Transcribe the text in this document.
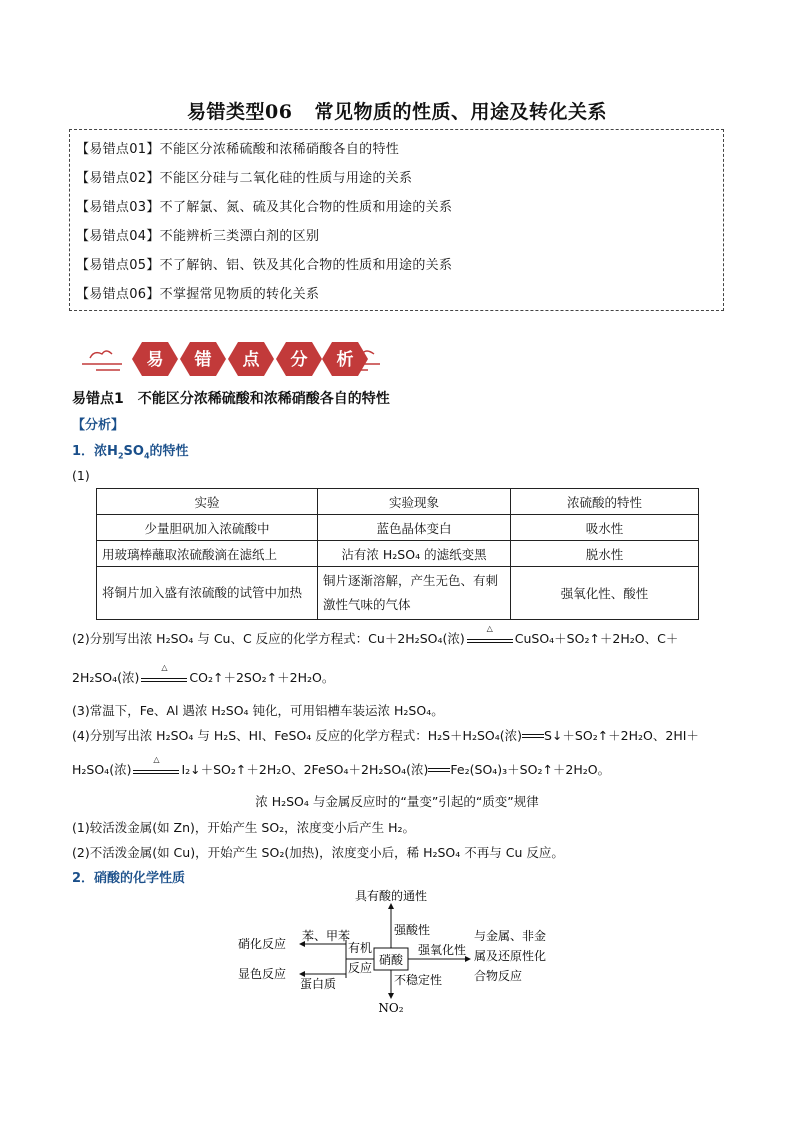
易错类型06 常见物质的性质、用途及转化关系
【易错点01】不能区分浓稀硫酸和浓稀硝酸各自的特性
【易错点02】不能区分硅与二氧化硅的性质与用途的关系
【易错点03】不了解氯、氮、硫及其化合物的性质和用途的关系
【易错点04】不能辨析三类漂白剂的区别
【易错点05】不了解钠、铝、铁及其化合物的性质和用途的关系
【易错点06】不掌握常见物质的转化关系
易 错 点 分 析
易错点1　不能区分浓稀硫酸和浓稀硝酸各自的特性
【分析】
1．浓$H_2SO_4$的特性
(1)
实验	实验现象	浓硫酸的特性
少量胆矾加入浓硫酸中	蓝色晶体变白	吸水性
用玻璃棒蘸取浓硫酸滴在滤纸上	沾有浓 H₂SO₄ 的滤纸变黑	脱水性
将铜片加入盛有浓硫酸的试管中加热	铜片逐渐溶解，产生无色、有刺激性气味的气体	强氧化性、酸性
(2)分别写出浓 H₂SO₄ 与 Cu、C 反应的化学方程式：Cu＋2H₂SO₄(浓)
△
CuSO₄＋SO₂↑＋2H₂O、C＋
2H₂SO₄(浓)
△
CO₂↑＋2SO₂↑＋2H₂O。
(3)常温下，Fe、Al 遇浓 H₂SO₄ 钝化，可用铝槽车装运浓 H₂SO₄。
(4)分别写出浓 H₂SO₄ 与 H₂S、HI、FeSO₄ 反应的化学方程式：H₂S＋H₂SO₄(浓) S↓＋SO₂↑＋2H₂O、2HI＋
H₂SO₄(浓)
△
I₂↓＋SO₂↑＋2H₂O、2FeSO₄＋2H₂SO₄(浓) Fe₂(SO₄)₃＋SO₂↑＋2H₂O。
浓 H₂SO₄ 与金属反应时的“量变”引起的“质变”规律
(1)较活泼金属(如 Zn)，开始产生 SO₂，浓度变小后产生 H₂。
(2)不活泼金属(如 Cu)，开始产生 SO₂(加热)，浓度变小后，稀 H₂SO₄ 不再与 Cu 反应。
2．硝酸的化学性质
硝酸
具有酸的通性
强酸性
强氧化性
与金属、非金
属及还原性化
合物反应
不稳定性
NO₂
有机
反应
苯、甲苯
硝化反应
蛋白质
显色反应
